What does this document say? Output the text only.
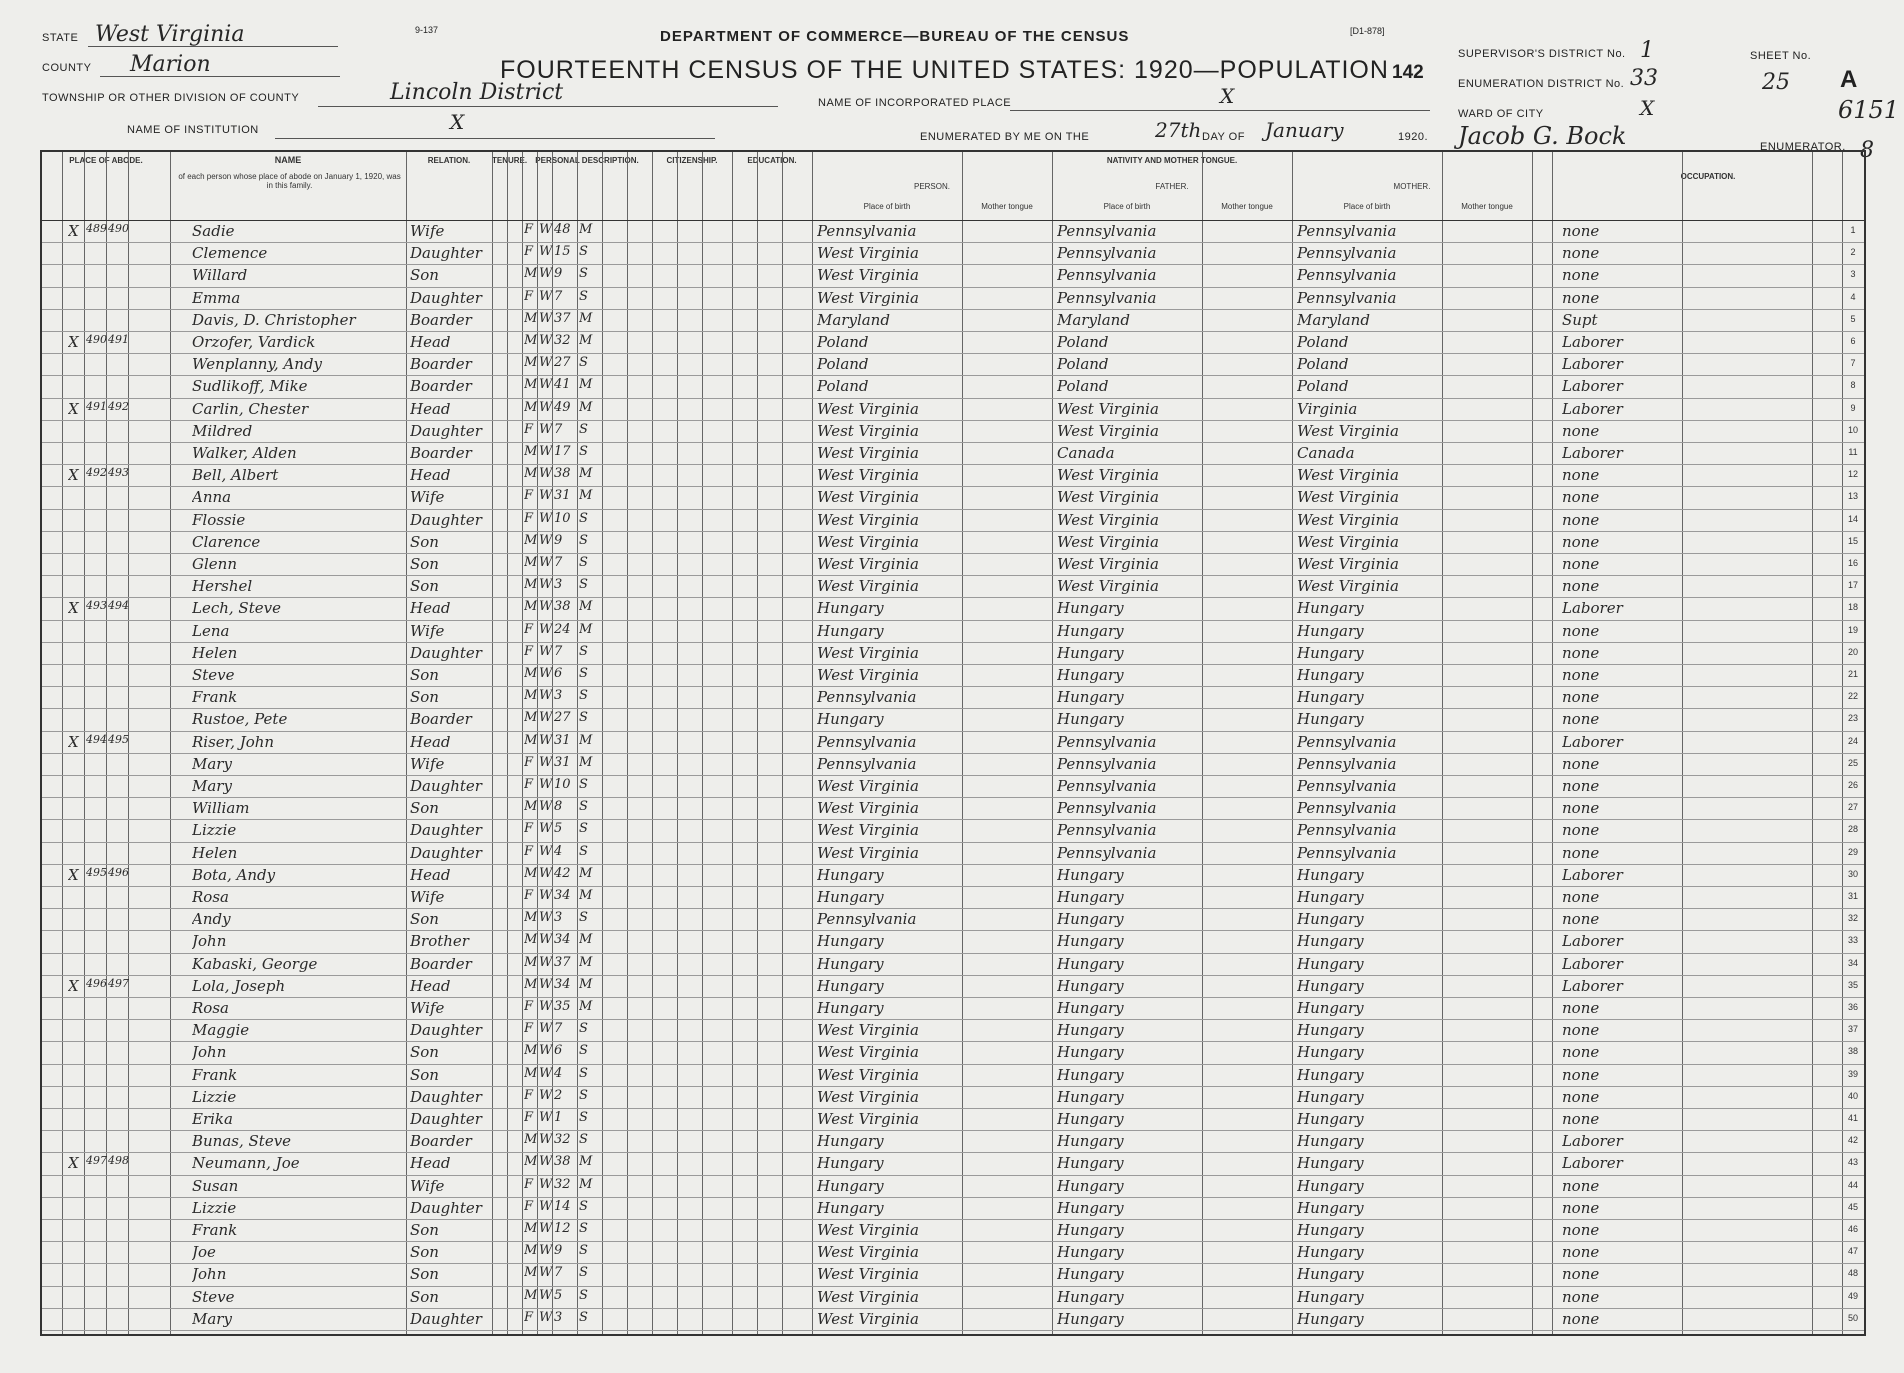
STATE West Virginia
COUNTY Marion
TOWNSHIP OR OTHER DIVISION OF COUNTY	Lincoln District
NAME OF INSTITUTION	X
9-137	DEPARTMENT OF COMMERCE—BUREAU OF THE CENSUS
FOURTEENTH CENSUS OF THE UNITED STATES: 1920—POPULATION
[D1-878]
142
NAME OF INCORPORATED PLACE	X
ENUMERATED BY ME ON THE	27th DAY OF January	1920.
SUPERVISOR'S DISTRICT No. 1
ENUMERATION DISTRICT No. 33
SHEET No.
25 A
WARD OF CITY	X
Jacob G. Bock	ENUMERATOR.
6151
8
PLACE OF ABODE.	NAME
of each person whose place of abode on January 1, 1920, was in this family.
RELATION.	TENURE.	PERSONAL DESCRIPTION.	CITIZENSHIP.	EDUCATION.	NATIVITY AND MOTHER TONGUE.
PERSON.	FATHER.	MOTHER.
Place of birth	Mother tongue	Place of birth	Mother tongue	Place of birth	Mother tongue
OCCUPATION.
X 489 490	Sadie	Wife	F W 48 M	Pennsylvania	Pennsylvania	Pennsylvania	none	1
Clemence	Daughter	F W 15 S	West Virginia	Pennsylvania	Pennsylvania	none	2
Willard	Son	M W 9	S	West Virginia	Pennsylvania	Pennsylvania	none	3
Emma	Daughter	F W 7	S	West Virginia	Pennsylvania	Pennsylvania	none	4
Davis, D. Christopher	Boarder	M W 37 M	Maryland	Maryland	Maryland	Supt	5
X 490 491	Orzofer, Vardick	Head	M W 32 M	Poland	Poland	Poland	Laborer	6
Wenplanny, Andy	Boarder	M W 27 S	Poland	Poland	Poland	Laborer	7
Sudlikoff, Mike	Boarder	M W 41 M	Poland	Poland	Poland	Laborer	8
X 491 492	Carlin, Chester	Head	M W 49 M	West Virginia	West Virginia	Virginia	Laborer	9
Mildred	Daughter	F W 7	S	West Virginia	West Virginia	West Virginia	none	10
Walker, Alden	Boarder	M W 17 S	West Virginia	Canada	Canada	Laborer	11
X 492 493	Bell, Albert	Head	M W 38 M	West Virginia	West Virginia	West Virginia	none	12
Anna	Wife	F W 31 M	West Virginia	West Virginia	West Virginia	none	13
Flossie	Daughter	F W 10 S	West Virginia	West Virginia	West Virginia	none	14
Clarence	Son	M W 9	S	West Virginia	West Virginia	West Virginia	none	15
Glenn	Son	M W 7	S	West Virginia	West Virginia	West Virginia	none	16
Hershel	Son	M W 3	S	West Virginia	West Virginia	West Virginia	none	17
X 493 494	Lech, Steve	Head	M W 38 M	Hungary	Hungary	Hungary	Laborer	18
Lena	Wife	F W 24 M	Hungary	Hungary	Hungary	none	19
Helen	Daughter	F W 7	S	West Virginia	Hungary	Hungary	none	20
Steve	Son	M W 6	S	West Virginia	Hungary	Hungary	none	21
Frank	Son	M W 3	S	Pennsylvania	Hungary	Hungary	none	22
Rustoe, Pete	Boarder	M W 27 S	Hungary	Hungary	Hungary	none	23
X 494 495	Riser, John	Head	M W 31 M	Pennsylvania	Pennsylvania	Pennsylvania	Laborer	24
Mary	Wife	F W 31 M	Pennsylvania	Pennsylvania	Pennsylvania	none	25
Mary	Daughter	F W 10 S	West Virginia	Pennsylvania	Pennsylvania	none	26
William	Son	M W 8	S	West Virginia	Pennsylvania	Pennsylvania	none	27
Lizzie	Daughter	F W 5	S	West Virginia	Pennsylvania	Pennsylvania	none	28
Helen	Daughter	F W 4	S	West Virginia	Pennsylvania	Pennsylvania	none	29
X 495 496	Bota, Andy	Head	M W 42 M	Hungary	Hungary	Hungary	Laborer	30
Rosa	Wife	F W 34 M	Hungary	Hungary	Hungary	none	31
Andy	Son	M W 3	S	Pennsylvania	Hungary	Hungary	none	32
John	Brother	M W 34 M	Hungary	Hungary	Hungary	Laborer	33
Kabaski, George	Boarder	M W 37 M	Hungary	Hungary	Hungary	Laborer	34
X 496 497	Lola, Joseph	Head	M W 34 M	Hungary	Hungary	Hungary	Laborer	35
Rosa	Wife	F W 35 M	Hungary	Hungary	Hungary	none	36
Maggie	Daughter	F W 7	S	West Virginia	Hungary	Hungary	none	37
John	Son	M W 6	S	West Virginia	Hungary	Hungary	none	38
Frank	Son	M W 4	S	West Virginia	Hungary	Hungary	none	39
Lizzie	Daughter	F W 2	S	West Virginia	Hungary	Hungary	none	40
Erika	Daughter	F W 1	S	West Virginia	Hungary	Hungary	none	41
Bunas, Steve	Boarder	M W 32 S	Hungary	Hungary	Hungary	Laborer	42
X 497 498	Neumann, Joe	Head	M W 38 M	Hungary	Hungary	Hungary	Laborer	43
Susan	Wife	F W 32 M	Hungary	Hungary	Hungary	none	44
Lizzie	Daughter	F W 14 S	Hungary	Hungary	Hungary	none	45
Frank	Son	M W 12 S	West Virginia	Hungary	Hungary	none	46
Joe	Son	M W 9	S	West Virginia	Hungary	Hungary	none	47
John	Son	M W 7	S	West Virginia	Hungary	Hungary	none	48
Steve	Son	M W 5	S	West Virginia	Hungary	Hungary	none	49
Mary	Daughter	F W 3	S	West Virginia	Hungary	Hungary	none	50
